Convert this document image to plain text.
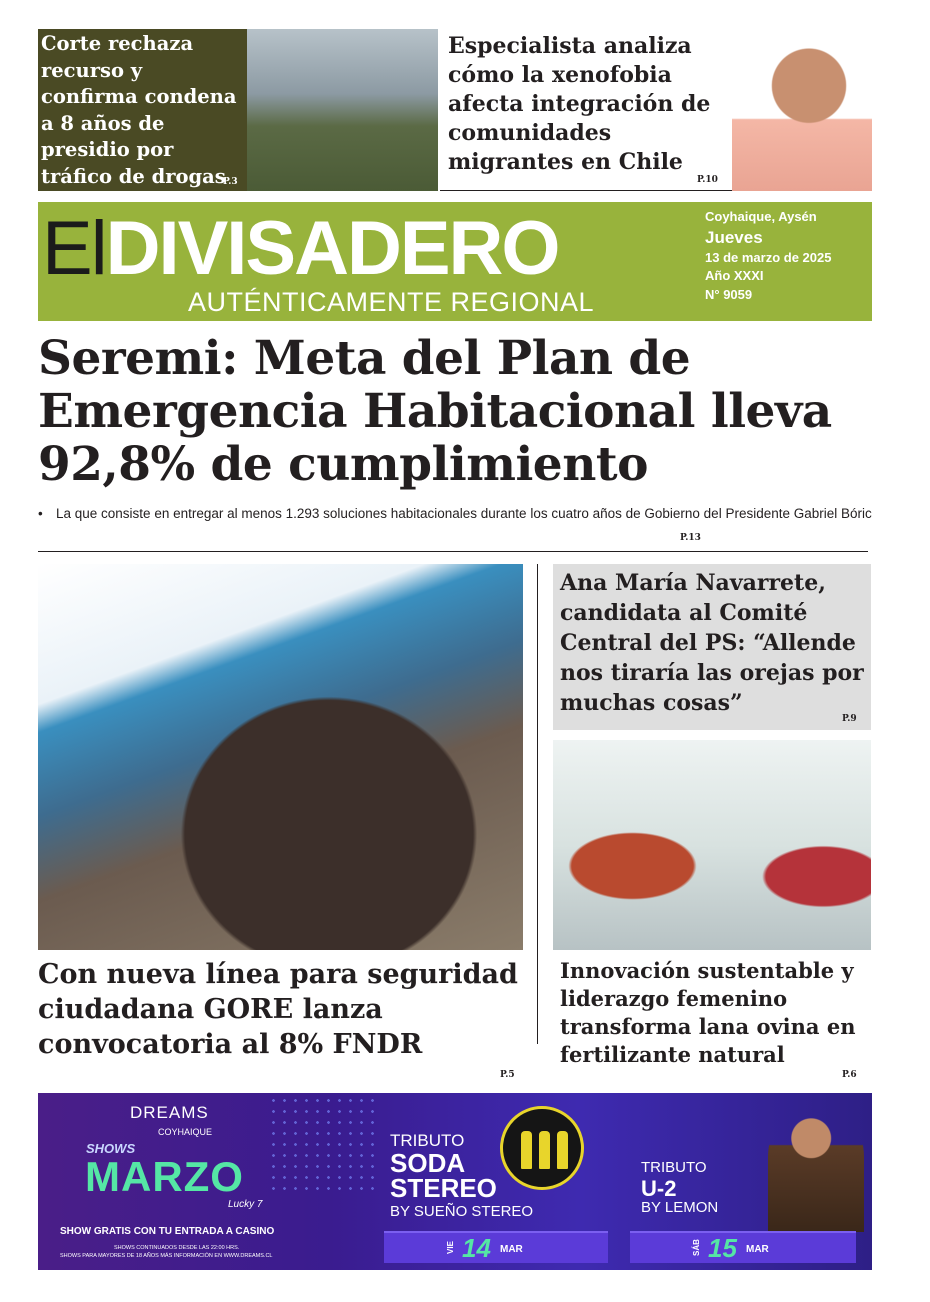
Corte rechaza recurso y confirma condena a 8 años de presidio por tráfico de drogas
P.3
Especialista analiza cómo la xenofobia afecta integración de comunidades migrantes en Chile
P.10
ElDIVISADERO
AUTÉNTICAMENTE REGIONAL
Coyhaique, Aysén
Jueves
13 de marzo de 2025
Año XXXI
N° 9059
Seremi: Meta del Plan de Emergencia Habitacional lleva 92,8% de cumplimiento
• La que consiste en entregar al menos 1.293 soluciones habitacionales durante los cuatro años de Gobierno del Presidente Gabriel Bóric
P.13
Con nueva línea para seguridad ciudadana GORE lanza convocatoria al 8% FNDR
P.5
Ana María Navarrete, candidata al Comité Central del PS: “Allende nos tiraría las orejas por muchas cosas”
P.9
Innovación sustentable y liderazgo femenino transforma lana ovina en fertilizante natural
P.6
DREAMS
COYHAIQUE
SHOWS
MARZO
Lucky 7
SHOW GRATIS CON TU ENTRADA A CASINO
SHOWS CONTINUADOS DESDE LAS 22:00 HRS.
SHOWS PARA MAYORES DE 18 AÑOS MÁS INFORMACIÓN EN WWW.DREAMS.CL
TRIBUTO
SODA STEREO
BY SUEÑO STEREO
VIE 14 MAR
TRIBUTO
U-2
BY LEMON
SÁB 15 MAR
